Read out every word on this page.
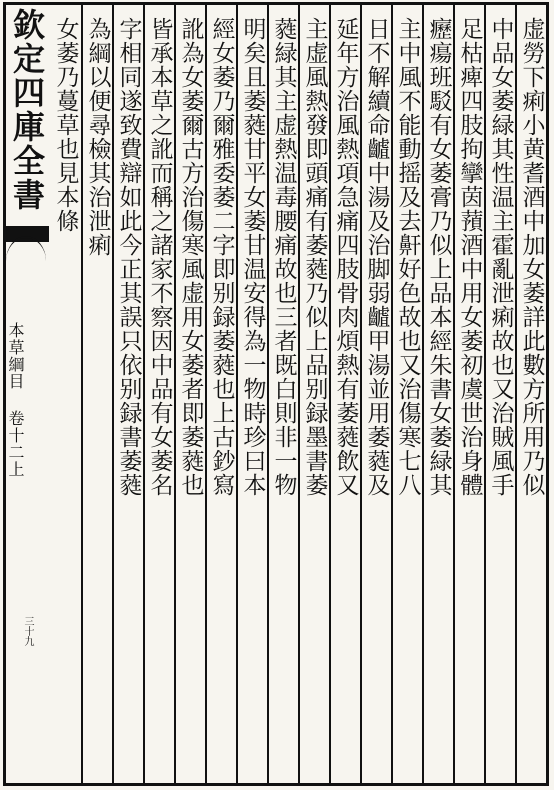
欽定四庫全書
本草綱目 卷十二上
三十九
虚勞下痢小黄耆酒中加女萎詳此數方所用乃似
中品女萎緑其性温主霍亂泄痢故也又治賊風手
足枯痺四肢拘攣茵蕷酒中用女萎初虞世治身體
癧瘍班駁有女萎膏乃似上品本經朱書女萎緑其
主中風不能動摇及去鼾好色故也又治傷寒七八
日不解續命䶥中湯及治脚弱䶥甲湯並用萎蕤及
延年方治風熱項急痛四肢骨肉煩熱有萎蕤飲又
主虚風熱發即頭痛有萎蕤乃似上品别録墨書萎
蕤緑其主虚熱温毒腰痛故也三者既白則非一物
明矣且萎蕤甘平女萎甘温安得為一物時珍曰本
經女萎乃爾雅委萎二字即别録萎蕤也上古鈔寫
訛為女萎爾古方治傷寒風虚用女萎者即萎蕤也
皆承本草之訛而稱之諸家不察因中品有女萎名
字相同遂致費辯如此今正其誤只依别録書萎蕤
為綱以便尋檢其治泄痢
女萎乃蔓草也見本條
